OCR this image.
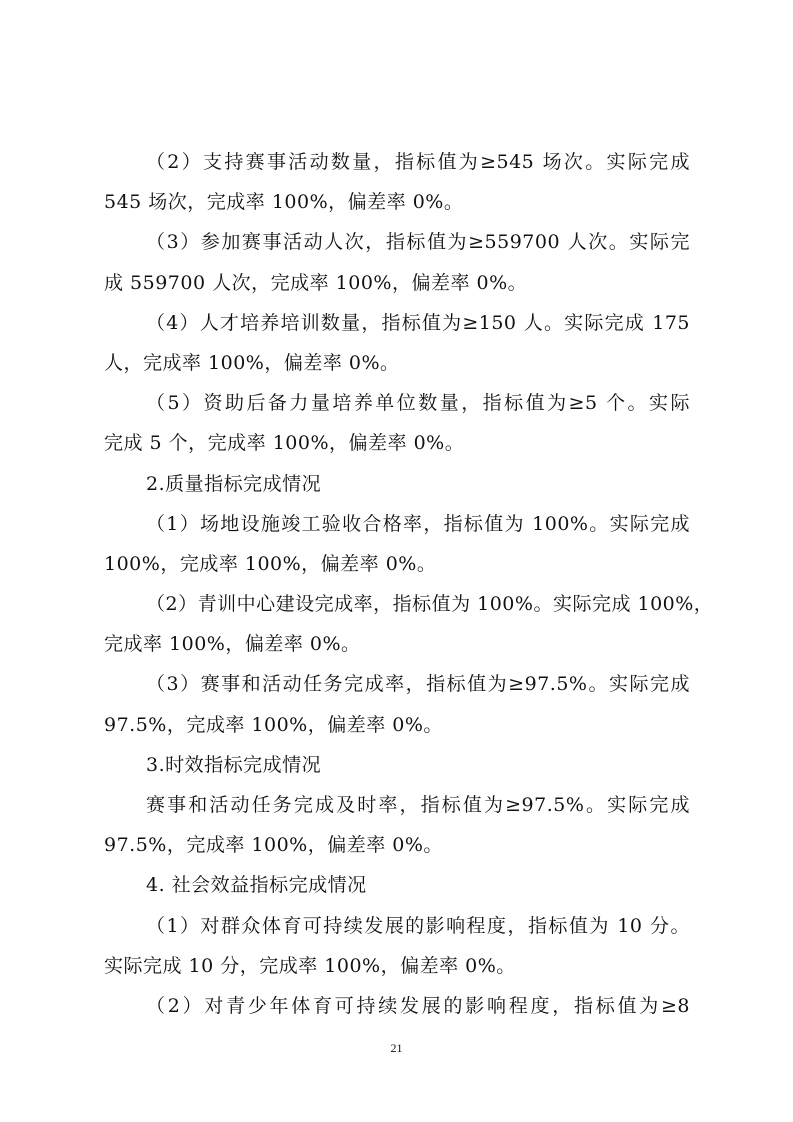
（2）支持赛事活动数量，指标值为≥545 场次。实际完成
545 场次，完成率 100%，偏差率 0%。
（3）参加赛事活动人次，指标值为≥559700 人次。实际完
成 559700 人次，完成率 100%，偏差率 0%。
（4）人才培养培训数量，指标值为≥150 人。实际完成 175
人，完成率 100%，偏差率 0%。
（5）资助后备力量培养单位数量，指标值为≥5 个。实际
完成 5 个，完成率 100%，偏差率 0%。
2.质量指标完成情况
（1）场地设施竣工验收合格率，指标值为 100%。实际完成
100%，完成率 100%，偏差率 0%。
（2）青训中心建设完成率，指标值为 100%。实际完成 100%，
完成率 100%，偏差率 0%。
（3）赛事和活动任务完成率，指标值为≥97.5%。实际完成
97.5%，完成率 100%，偏差率 0%。
3.时效指标完成情况
赛事和活动任务完成及时率，指标值为≥97.5%。实际完成
97.5%，完成率 100%，偏差率 0%。
4. 社会效益指标完成情况
（1）对群众体育可持续发展的影响程度，指标值为 10 分。
实际完成 10 分，完成率 100%，偏差率 0%。
（2）对青少年体育可持续发展的影响程度，指标值为≥8
21
